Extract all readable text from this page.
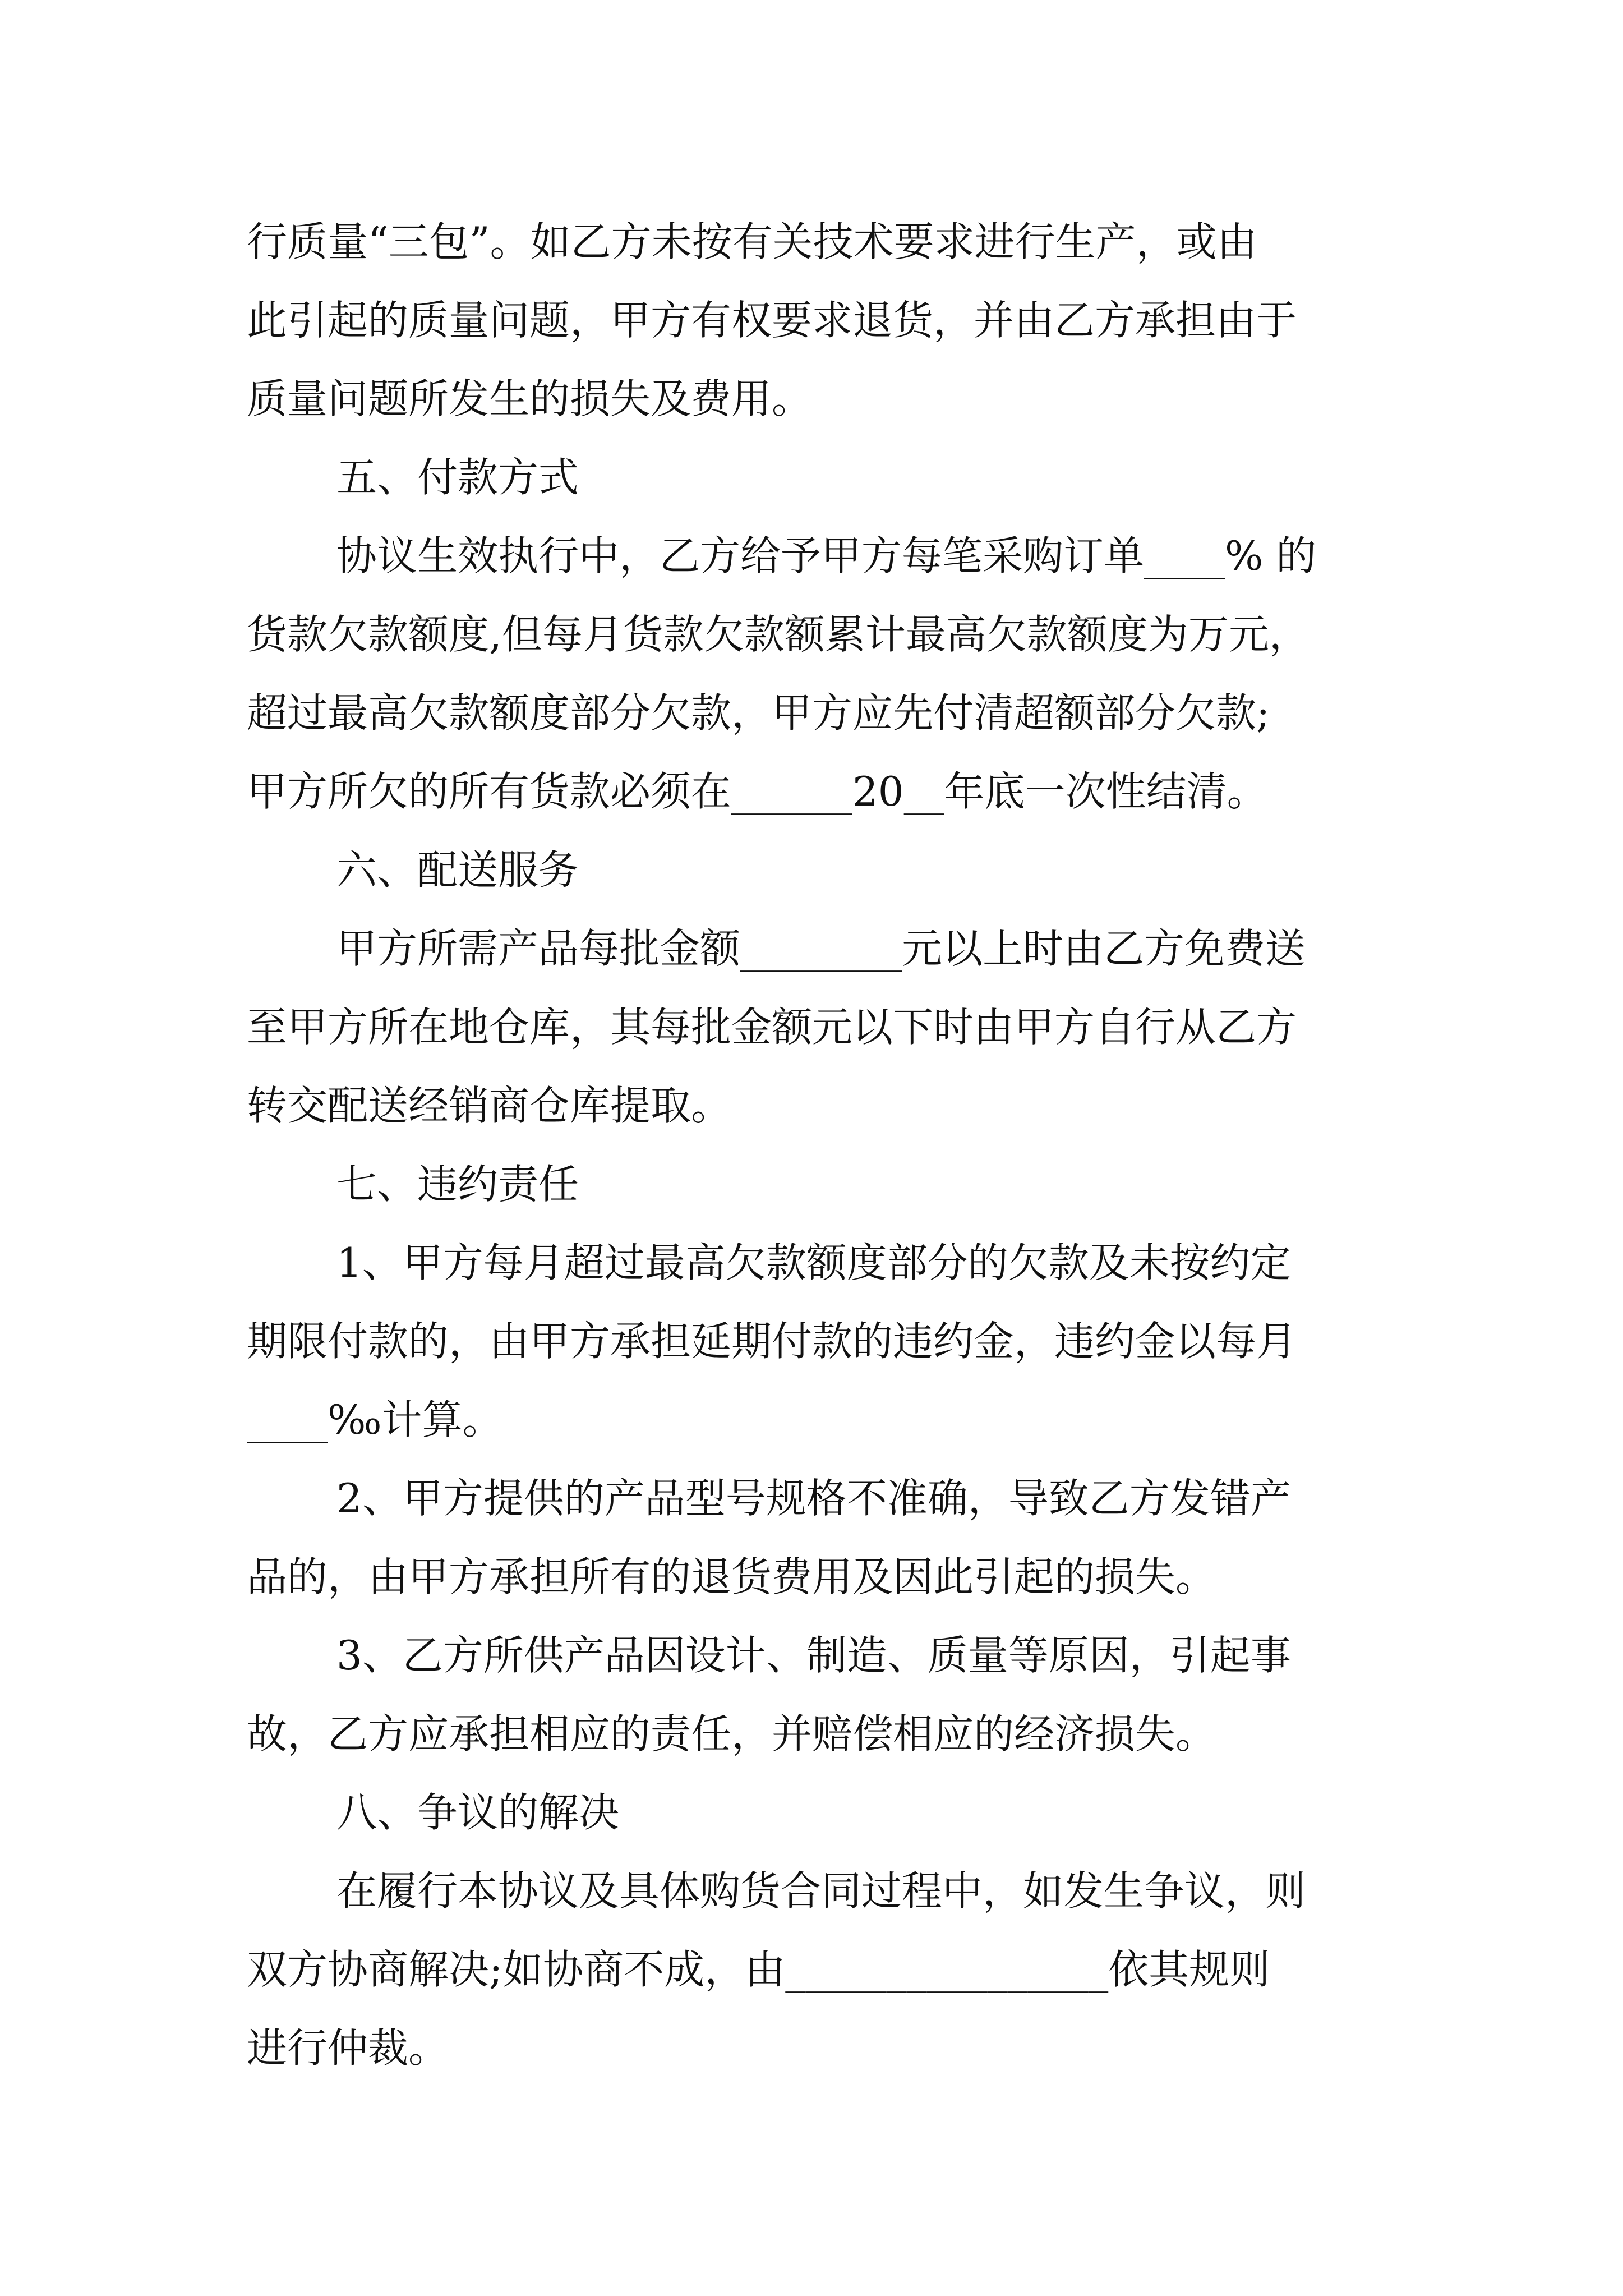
行质量“三包”。如乙方未按有关技术要求进行生产，或由
此引起的质量问题，甲方有权要求退货，并由乙方承担由于
质量问题所发生的损失及费用。
五、付款方式
协议生效执行中，乙方给予甲方每笔采购订单____% 的
货款欠款额度,但每月货款欠款额累计最高欠款额度为万元，
超过最高欠款额度部分欠款，甲方应先付清超额部分欠款;
甲方所欠的所有货款必须在______20__年底一次性结清。
六、配送服务
甲方所需产品每批金额________元以上时由乙方免费送
至甲方所在地仓库，其每批金额元以下时由甲方自行从乙方
转交配送经销商仓库提取。
七、违约责任
1、甲方每月超过最高欠款额度部分的欠款及未按约定
期限付款的，由甲方承担延期付款的违约金，违约金以每月
____‰计算。
2、甲方提供的产品型号规格不准确，导致乙方发错产
品的，由甲方承担所有的退货费用及因此引起的损失。
3、乙方所供产品因设计、制造、质量等原因，引起事
故，乙方应承担相应的责任，并赔偿相应的经济损失。
八、争议的解决
在履行本协议及具体购货合同过程中，如发生争议，则
双方协商解决;如协商不成，由________________依其规则
进行仲裁。
